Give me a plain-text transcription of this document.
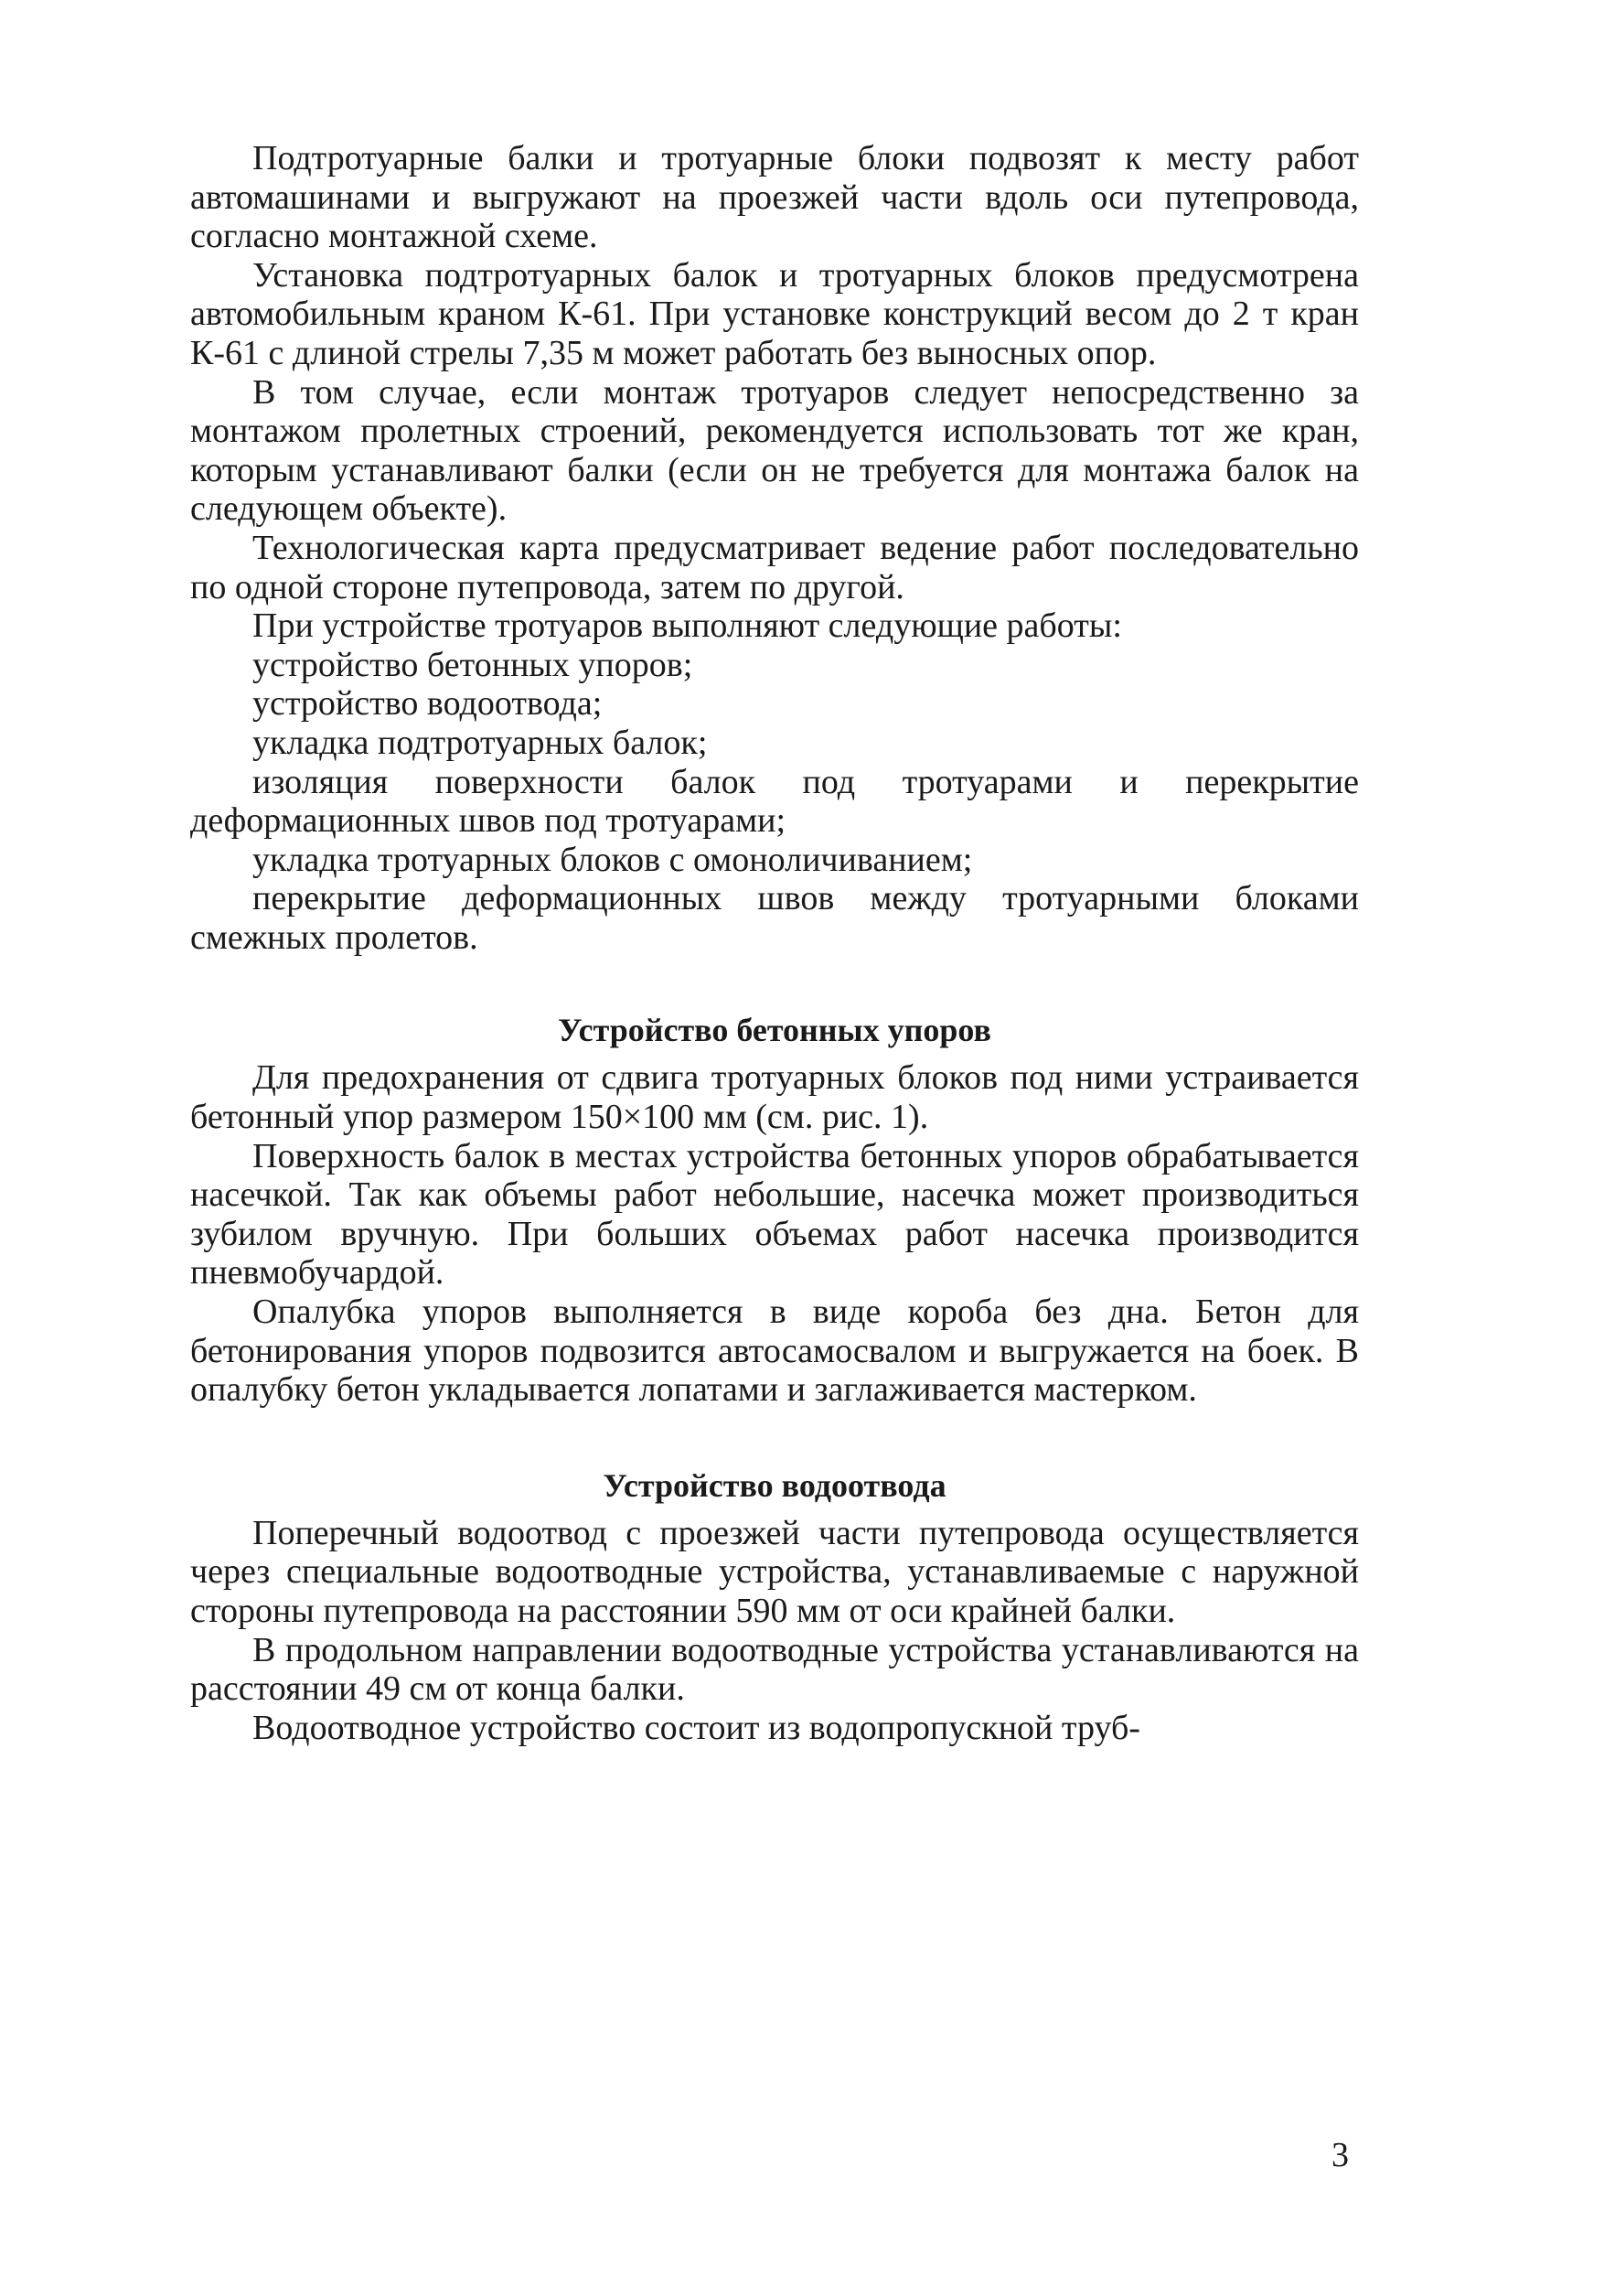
Подтротуарные балки и тротуарные блоки подвозят к месту работ автомашинами и выгружают на проезжей части вдоль оси путепровода, согласно монтажной схеме.

Установка подтротуарных балок и тротуарных блоков предусмотрена автомобильным краном К-61. При установке конструкций весом до 2 т кран К-61 с длиной стрелы 7,35 м может работать без выносных опор.

В том случае, если монтаж тротуаров следует непосредственно за монтажом пролетных строений, рекомендуется использовать тот же кран, которым устанавливают балки (если он не требуется для монтажа балок на следующем объекте).

Технологическая карта предусматривает ведение работ последовательно по одной стороне путепровода, затем по другой.

При устройстве тротуаров выполняют следующие работы:

устройство бетонных упоров;

устройство водоотвода;

укладка подтротуарных балок;

изоляция поверхности балок под тротуарами и перекрытие деформационных швов под тротуарами;

укладка тротуарных блоков с омоноличиванием;

перекрытие деформационных швов между тротуарными блоками смежных пролетов.

Устройство бетонных упоров

Для предохранения от сдвига тротуарных блоков под ними устраивается бетонный упор размером 150×100 мм (см. рис. 1).

Поверхность балок в местах устройства бетонных упоров обрабатывается насечкой. Так как объемы работ небольшие, насечка может производиться зубилом вручную. При больших объемах работ насечка производится пневмобучардой.

Опалубка упоров выполняется в виде короба без дна. Бетон для бетонирования упоров подвозится автосамосвалом и выгружается на боек. В опалубку бетон укладывается лопатами и заглаживается мастерком.

Устройство водоотвода

Поперечный водоотвод с проезжей части путепровода осуществляется через специальные водоотводные устройства, устанавливаемые с наружной стороны путепровода на расстоянии 590 мм от оси крайней балки.

В продольном направлении водоотводные устройства устанавливаются на расстоянии 49 см от конца балки.

Водоотводное устройство состоит из водопропускной труб-

3
